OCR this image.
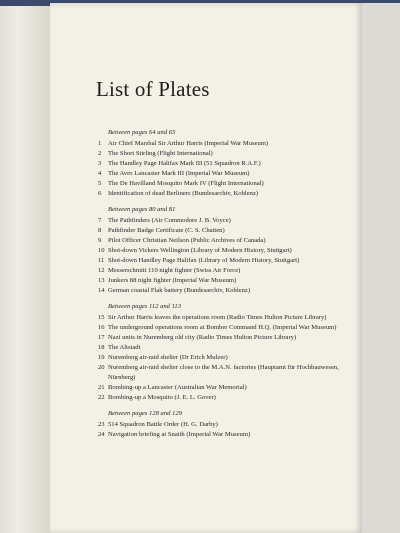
List of Plates
Between pages 64 and 65
1	Air Chief Marshal Sir Arthur Harris (Imperial War Museum)
2	The Short Stirling (Flight International)
3	The Handley Page Halifax Mark III (51 Squadron R.A.F.)
4	The Avro Lancaster Mark III (Imperial War Museum)
5	The De Havilland Mosquito Mark IV (Flight International)
6	Identification of dead Berliners (Bundesarchiv, Koblenz)
Between pages 80 and 81
7	The Pathfinders (Air Commodore J. B. Voyce)
8	Pathfinder Badge Certificate (C. S. Chatten)
9	Pilot Officer Christian Neilson (Public Archives of Canada)
10 Shot-down Vickers Wellington (Library of Modern History, Stuttgart)
11 Shot-down Handley Page Halifax (Library of Modern History, Stuttgart)
12 Messerschmitt 110 night fighter (Swiss Air Force)
13 Junkers 88 night fighter (Imperial War Museum)
14 German coastal Flak battery (Bundesarchiv, Koblenz)
Between pages 112 and 113
15 Sir Arthur Harris leaves the operations room (Radio Times Hulton Picture Library)
16 The underground operations room at Bomber Command H.Q. (Imperial War Museum)
17 Nazi units in Nuremberg old city (Radio Times Hulton Picture Library)
18 The Altstadt
19 Nuremberg air-raid shelter (Dr Erich Mulzer)
20 Nuremberg air-raid shelter close to the M.A.N. factories (Hauptamt für Hochbauwesen, Nürnberg)
21 Bombing-up a Lancaster (Australian War Memorial)
22 Bombing-up a Mosquito (J. E. L. Gover)
Between pages 128 and 129
23 514 Squadron Battle Order (H. G. Darby)
24 Navigation briefing at Snaith (Imperial War Museum)
